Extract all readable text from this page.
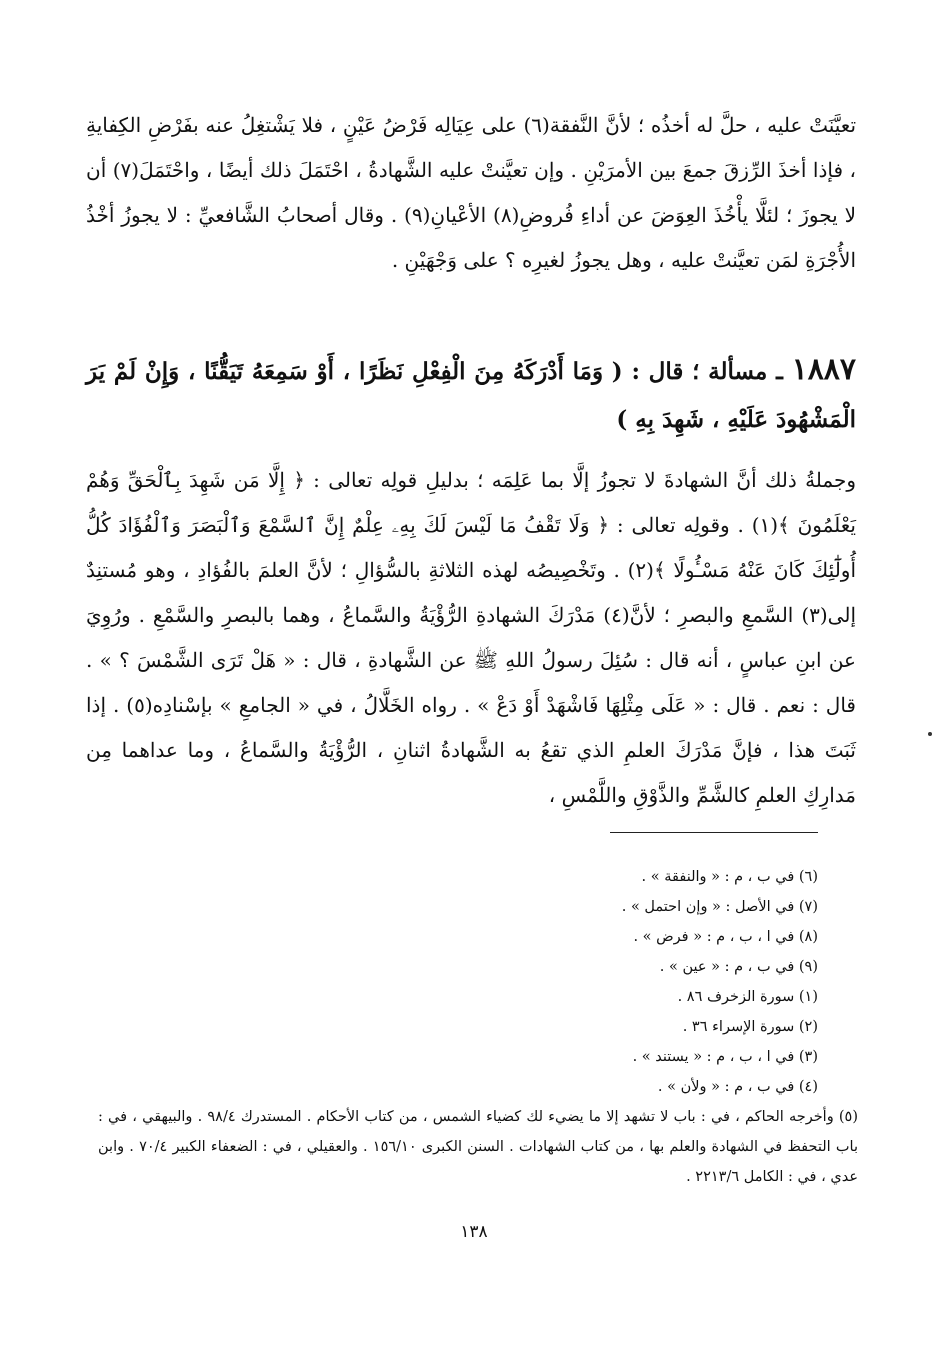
تعيَّنَتْ عليه ، حلَّ له أخذُه ؛ لأنَّ النَّفقة(٦) على عِيَالِه فَرْضُ عَيْنٍ ، فلا يَشْتغِلُ عنه بفَرْضِ الكِفايةِ ، فإذا أخذَ الرِّزقَ جمعَ بين الأمرَيْنِ . وإن تعيَّنتْ عليه الشَّهادةُ ، احْتَمَلَ ذلك أيضًا ، واحْتَمَلَ(٧) أن لا يجوزَ ؛ لئلَّا يأْخُذَ العِوَضَ عن أداءِ فُروضِ(٨) الأعْيانِ(٩) . وقال أصحابُ الشَّافعيِّ : لا يجوزُ أخْذُ الأُجْرَةِ لمَن تعيَّنتْ عليه ، وهل يجوزُ لغيرِه ؟ على وَجْهَيْنِ .
١٨٨٧ ـ مسألة ؛ قال : ( وَمَا أَدْرَكَهُ مِنَ الْفِعْلِ نَظَرًا ، أَوْ سَمِعَهُ تَيَقُّنًا ، وَإِنْ لَمْ يَرَ الْمَشْهُودَ عَلَيْهِ ، شَهِدَ بِهِ )
وجملةُ ذلك أنَّ الشهادةَ لا تجوزُ إلَّا بما عَلِمَه ؛ بدليلِ قولِه تعالى : ﴿ إِلَّا مَن شَهِدَ بِٱلْحَقِّ وَهُمْ يَعْلَمُونَ ﴾(١) . وقولِه تعالى : ﴿ وَلَا تَقْفُ مَا لَيْسَ لَكَ بِهِۦ عِلْمٌ إِنَّ ٱلسَّمْعَ وَٱلْبَصَرَ وَٱلْفُؤَادَ كُلُّ أُولَٰٓئِكَ كَانَ عَنْهُ مَسْـُٔولًا ﴾(٢) . وتَخْصِيصُه لهذه الثلاثةِ بالسُّؤالِ ؛ لأنَّ العلمَ بالفُؤادِ ، وهو مُستنِدٌ إلى(٣) السَّمعِ والبصرِ ؛ لأنَّ(٤) مَدْرَكَ الشهادةِ الرُّؤْيَةُ والسَّماعُ ، وهما بالبصرِ والسَّمْعِ . ورُوِيَ عن ابنِ عباسٍ ، أنه قال : سُئِلَ رسولُ اللهِ ﷺ عن الشَّهادةِ ، قال : « هَلْ تَرَى الشَّمْسَ ؟ » . قال : نعم . قال : « عَلَى مِثْلِهَا فَاشْهَدْ أَوْ دَعْ » . رواه الخَلَّالُ ، في « الجامعِ » بإسْنادِه(٥) . إذا ثَبَتَ هذا ، فإنَّ مَدْرَكَ العلمِ الذي تقعُ به الشَّهادةُ اثنانِ ، الرُّؤْيَةُ والسَّماعُ ، وما عداهما مِن مَدارِكِ العلمِ كالشَّمِّ والذَّوْقِ واللَّمْسِ ،
(٦) في ب ، م : « والنفقة » .
(٧) في الأصل : « وإن احتمل » .
(٨) في ا ، ب ، م : « فرض » .
(٩) في ب ، م : « عين » .
(١) سورة الزخرف ٨٦ .
(٢) سورة الإسراء ٣٦ .
(٣) في ا ، ب ، م : « يستند » .
(٤) في ب ، م : « ولأن » .
(٥) وأخرجه الحاكم ، في : باب لا تشهد إلا ما يضيء لك كضياء الشمس ، من كتاب الأحكام . المستدرك ٩٨/٤ . والبيهقي ، في : باب التحفظ في الشهادة والعلم بها ، من كتاب الشهادات . السنن الكبرى ١٥٦/١٠ . والعقيلي ، في : الضعفاء الكبير ٧٠/٤ . وابن عدي ، في : الكامل ٢٢١٣/٦ .
١٣٨
